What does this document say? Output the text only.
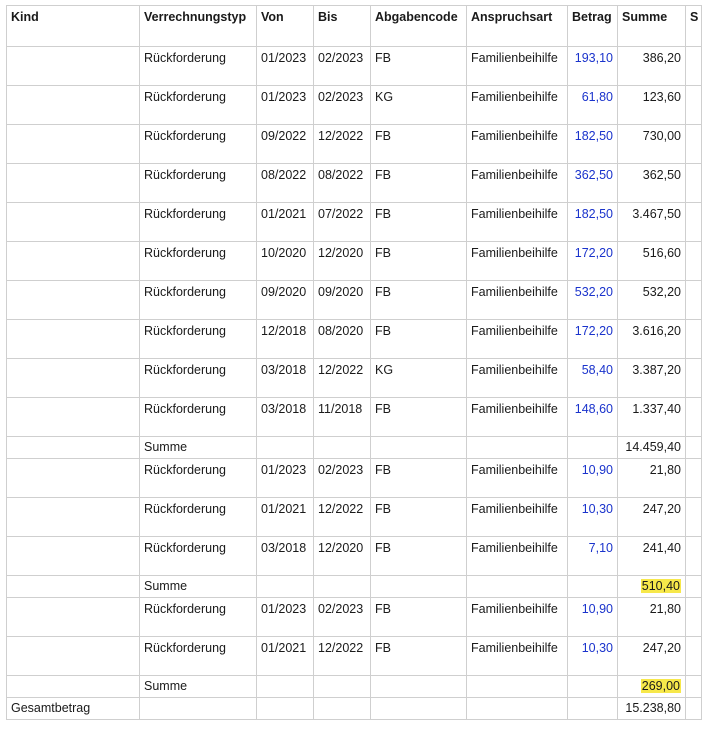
Kind	Verrechnungstyp	Von	Bis	Abgabencode	Anspruchsart	Betrag	Summe	S
	Rückforderung	01/2023	02/2023	FB	Familienbeihilfe	193,10	386,20	
	Rückforderung	01/2023	02/2023	KG	Familienbeihilfe	61,80	123,60	
	Rückforderung	09/2022	12/2022	FB	Familienbeihilfe	182,50	730,00	
	Rückforderung	08/2022	08/2022	FB	Familienbeihilfe	362,50	362,50	
	Rückforderung	01/2021	07/2022	FB	Familienbeihilfe	182,50	3.467,50	
	Rückforderung	10/2020	12/2020	FB	Familienbeihilfe	172,20	516,60	
	Rückforderung	09/2020	09/2020	FB	Familienbeihilfe	532,20	532,20	
	Rückforderung	12/2018	08/2020	FB	Familienbeihilfe	172,20	3.616,20	
	Rückforderung	03/2018	12/2022	KG	Familienbeihilfe	58,40	3.387,20	
	Rückforderung	03/2018	11/2018	FB	Familienbeihilfe	148,60	1.337,40	
	Summe						14.459,40	
	Rückforderung	01/2023	02/2023	FB	Familienbeihilfe	10,90	21,80	
	Rückforderung	01/2021	12/2022	FB	Familienbeihilfe	10,30	247,20	
	Rückforderung	03/2018	12/2020	FB	Familienbeihilfe	7,10	241,40	
	Summe						510,40	
	Rückforderung	01/2023	02/2023	FB	Familienbeihilfe	10,90	21,80	
	Rückforderung	01/2021	12/2022	FB	Familienbeihilfe	10,30	247,20	
	Summe						269,00	
Gesamtbetrag							15.238,80	
